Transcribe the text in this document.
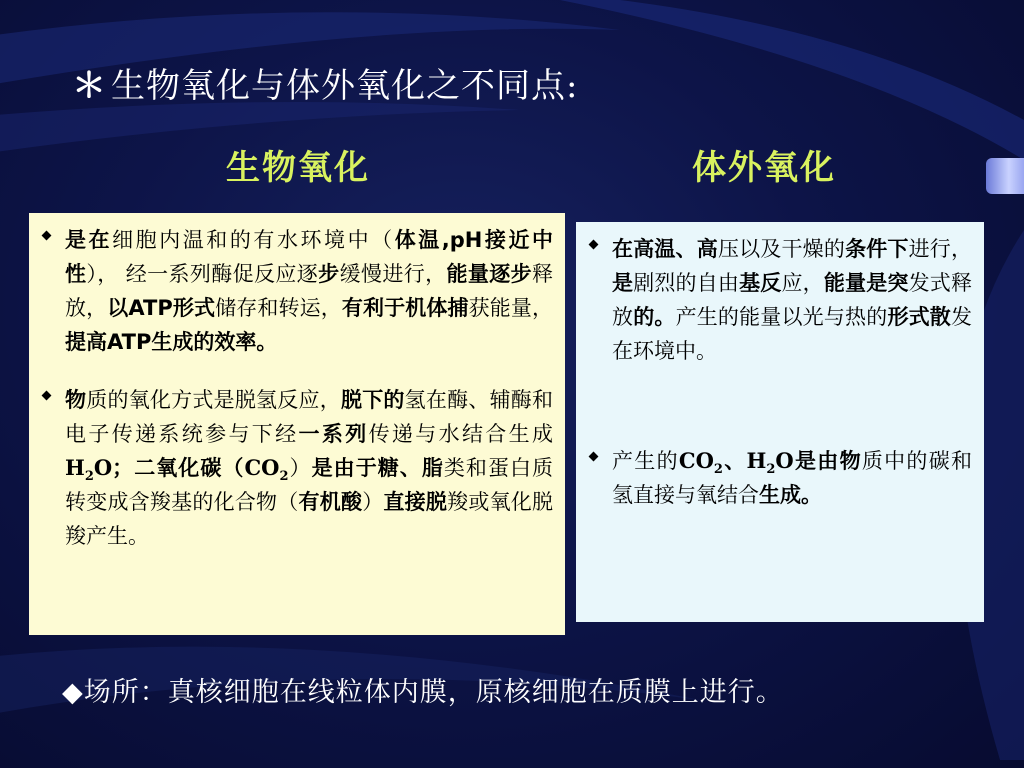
＊ 生物氧化与体外氧化之不同点:
生物氧化	体外氧化
是在细胞内温和的有水环境中（体温,pH接近中性）， 经一系列酶促反应逐步缓慢进行，能量逐步释放，以ATP形式储存和转运，有利于机体捕获能量，提高ATP生成的效率。
物质的氧化方式是脱氢反应，脱下的氢在酶、辅酶和电子传递系统参与下经一系列传递与水结合生成$H_2O$；二氧化碳$(CO_2)$是由于糖、脂类和蛋白质转变成含羧基的化合物（有机酸）直接脱羧或氧化脱羧产生。
在高温、高压以及干燥的条件下进行，是剧烈的自由基反应，能量是突发式释放的。产生的能量以光与热的形式散发在环境中。
产生的$CO_2$、$H_2O$是由物质中的碳和氢直接与氧结合生成。
◆场所：真核细胞在线粒体内膜，原核细胞在质膜上进行。
